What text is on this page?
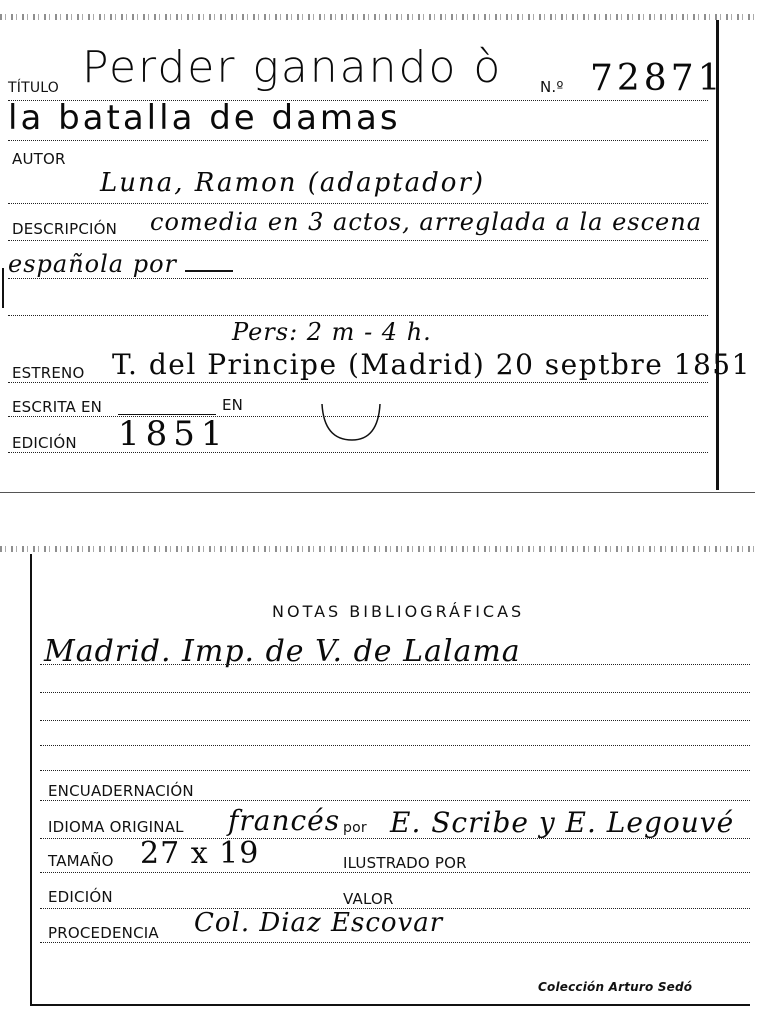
TÍTULO Perder ganando ò	N.º 72871
la batalla de damas
AUTOR
Luna, Ramon (adaptador)
DESCRIPCIÓN comedia en 3 actos, arreglada a la escena
española por
Pers: 2 m - 4 h.
ESTRENO T. del Principe (Madrid) 20 septbre 1851
ESCRITA EN	EN
EDICIÓN 1851
NOTAS BIBLIOGRÁFICAS
Madrid. Imp. de V. de Lalama
ENCUADERNACIÓN
IDIOMA ORIGINAL francés por E. Scribe y E. Legouvé
TAMAÑO 27 x 19	ILUSTRADO POR
EDICIÓN	VALOR
PROCEDENCIA Col. Diaz Escovar
Colección Arturo Sedó
